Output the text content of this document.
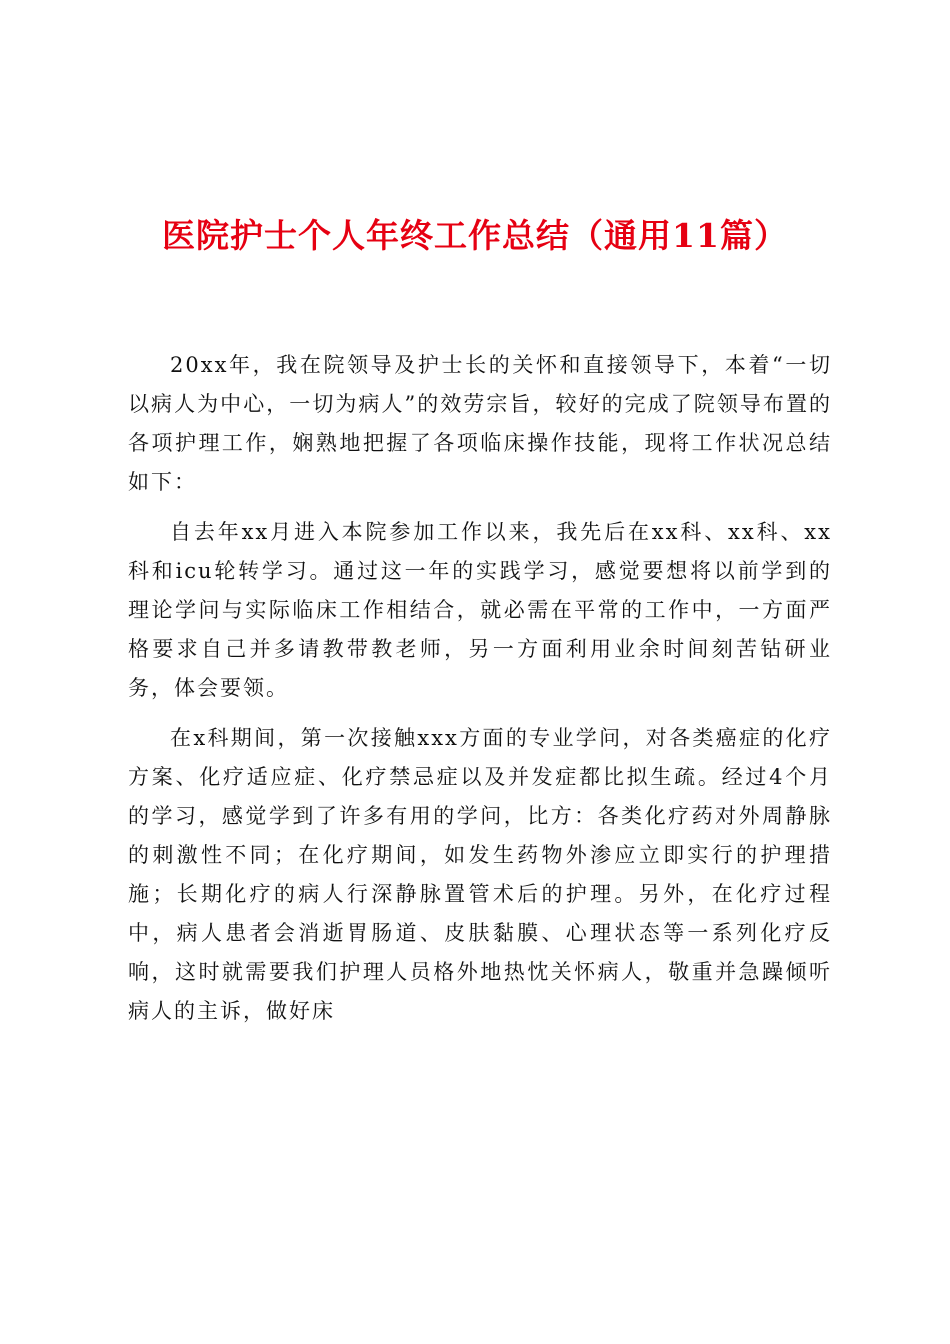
医院护士个人年终工作总结（通用11篇）

20xx年，我在院领导及护士长的关怀和直接领导下，本着“一切以病人为中心，一切为病人”的效劳宗旨，较好的完成了院领导布置的各项护理工作，娴熟地把握了各项临床操作技能，现将工作状况总结如下：

自去年xx月进入本院参加工作以来，我先后在xx科、xx科、xx科和icu轮转学习。通过这一年的实践学习，感觉要想将以前学到的理论学问与实际临床工作相结合，就必需在平常的工作中，一方面严格要求自己并多请教带教老师，另一方面利用业余时间刻苦钻研业务，体会要领。

在x科期间，第一次接触xxx方面的专业学问，对各类癌症的化疗方案、化疗适应症、化疗禁忌症以及并发症都比拟生疏。经过4个月的学习，感觉学到了许多有用的学问，比方：各类化疗药对外周静脉的刺激性不同；在化疗期间，如发生药物外渗应立即实行的护理措施；长期化疗的病人行深静脉置管术后的护理。另外，在化疗过程中，病人患者会消逝胃肠道、皮肤黏膜、心理状态等一系列化疗反响，这时就需要我们护理人员格外地热忱关怀病人，敬重并急躁倾听病人的主诉，做好床
